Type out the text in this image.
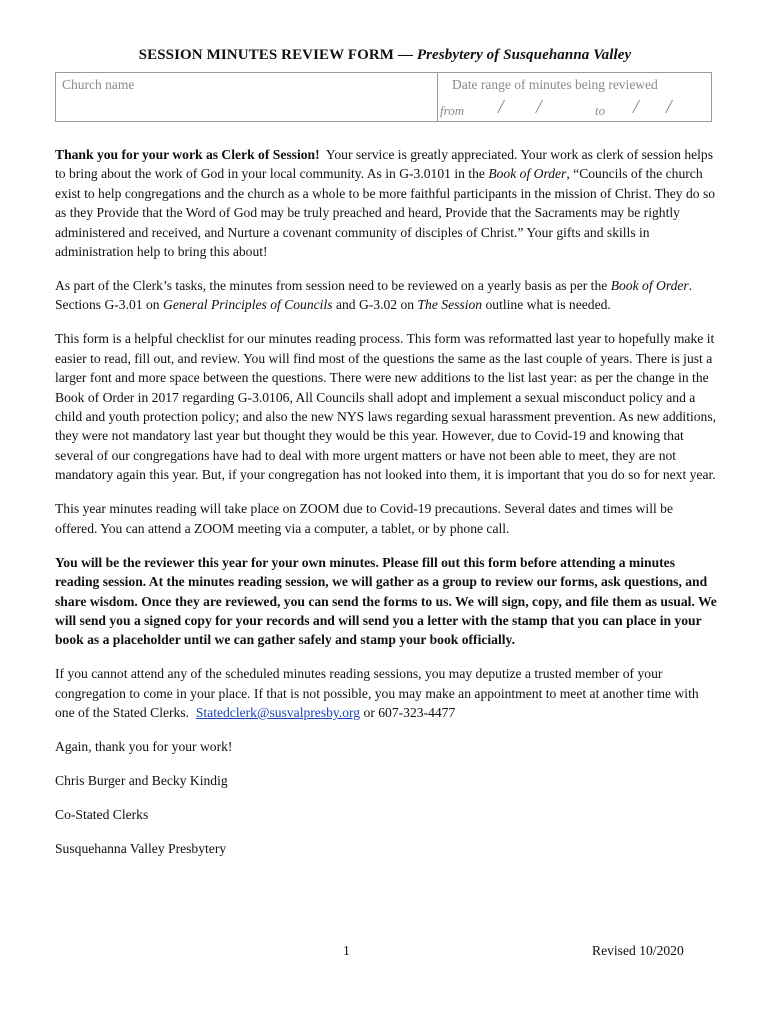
SESSION MINUTES REVIEW FORM — Presbytery of Susquehanna Valley
Church name	Date range of minutes being reviewed
from / /	to / /

Thank you for your work as Clerk of Session! Your service is greatly appreciated. Your work as clerk of session helps to bring about the work of God in your local community. As in G-3.0101 in the Book of Order, “Councils of the church exist to help congregations and the church as a whole to be more faithful participants in the mission of Christ. They do so as they Provide that the Word of God may be truly preached and heard, Provide that the Sacraments may be rightly administered and received, and Nurture a covenant community of disciples of Christ.” Your gifts and skills in administration help to bring this about!

As part of the Clerk’s tasks, the minutes from session need to be reviewed on a yearly basis as per the Book of Order. Sections G-3.01 on General Principles of Councils and G-3.02 on The Session outline what is needed.

This form is a helpful checklist for our minutes reading process. This form was reformatted last year to hopefully make it easier to read, fill out, and review. You will find most of the questions the same as the last couple of years. There is just a larger font and more space between the questions. There were new additions to the list last year: as per the change in the Book of Order in 2017 regarding G-3.0106, All Councils shall adopt and implement a sexual misconduct policy and a child and youth protection policy; and also the new NYS laws regarding sexual harassment prevention. As new additions, they were not mandatory last year but thought they would be this year. However, due to Covid-19 and knowing that several of our congregations have had to deal with more urgent matters or have not been able to meet, they are not mandatory again this year. But, if your congregation has not looked into them, it is important that you do so for next year.

This year minutes reading will take place on ZOOM due to Covid-19 precautions. Several dates and times will be offered. You can attend a ZOOM meeting via a computer, a tablet, or by phone call.

You will be the reviewer this year for your own minutes. Please fill out this form before attending a minutes reading session. At the minutes reading session, we will gather as a group to review our forms, ask questions, and share wisdom. Once they are reviewed, you can send the forms to us. We will sign, copy, and file them as usual. We will send you a signed copy for your records and will send you a letter with the stamp that you can place in your book as a placeholder until we can gather safely and stamp your book officially.

If you cannot attend any of the scheduled minutes reading sessions, you may deputize a trusted member of your congregation to come in your place. If that is not possible, you may make an appointment to meet at another time with one of the Stated Clerks. Statedclerk@susvalpresby.org or 607-323-4477

Again, thank you for your work!

Chris Burger and Becky Kindig

Co-Stated Clerks

Susquehanna Valley Presbytery

1	Revised 10/2020
